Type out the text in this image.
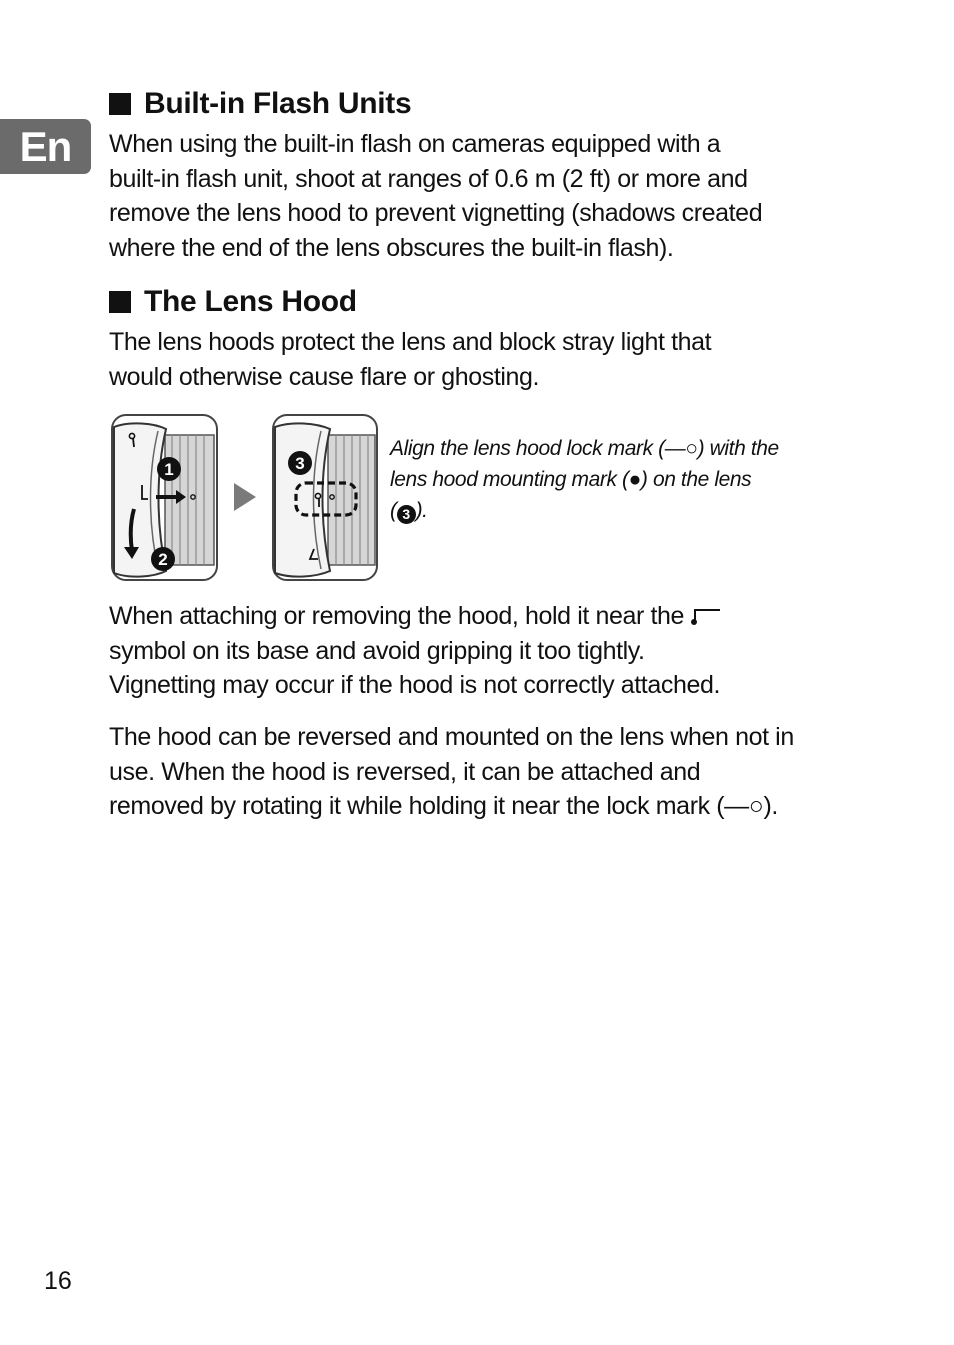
En
Built-in Flash Units

When using the built-in flash on cameras equipped with a
built-in flash unit, shoot at ranges of 0.6 m (2 ft) or more and
remove the lens hood to prevent vignetting (shadows created
where the end of the lens obscures the built-in flash).

The Lens Hood

The lens hoods protect the lens and block stray light that
would otherwise cause flare or ghosting.

1
2
3

Align the lens hood lock mark (—○) with the
lens hood mounting mark (●) on the lens
( 3 ).

When attaching or removing the hood, hold it near the
symbol on its base and avoid gripping it too tightly.
Vignetting may occur if the hood is not correctly attached.

The hood can be reversed and mounted on the lens when not in
use. When the hood is reversed, it can be attached and
removed by rotating it while holding it near the lock mark (—○).

16
